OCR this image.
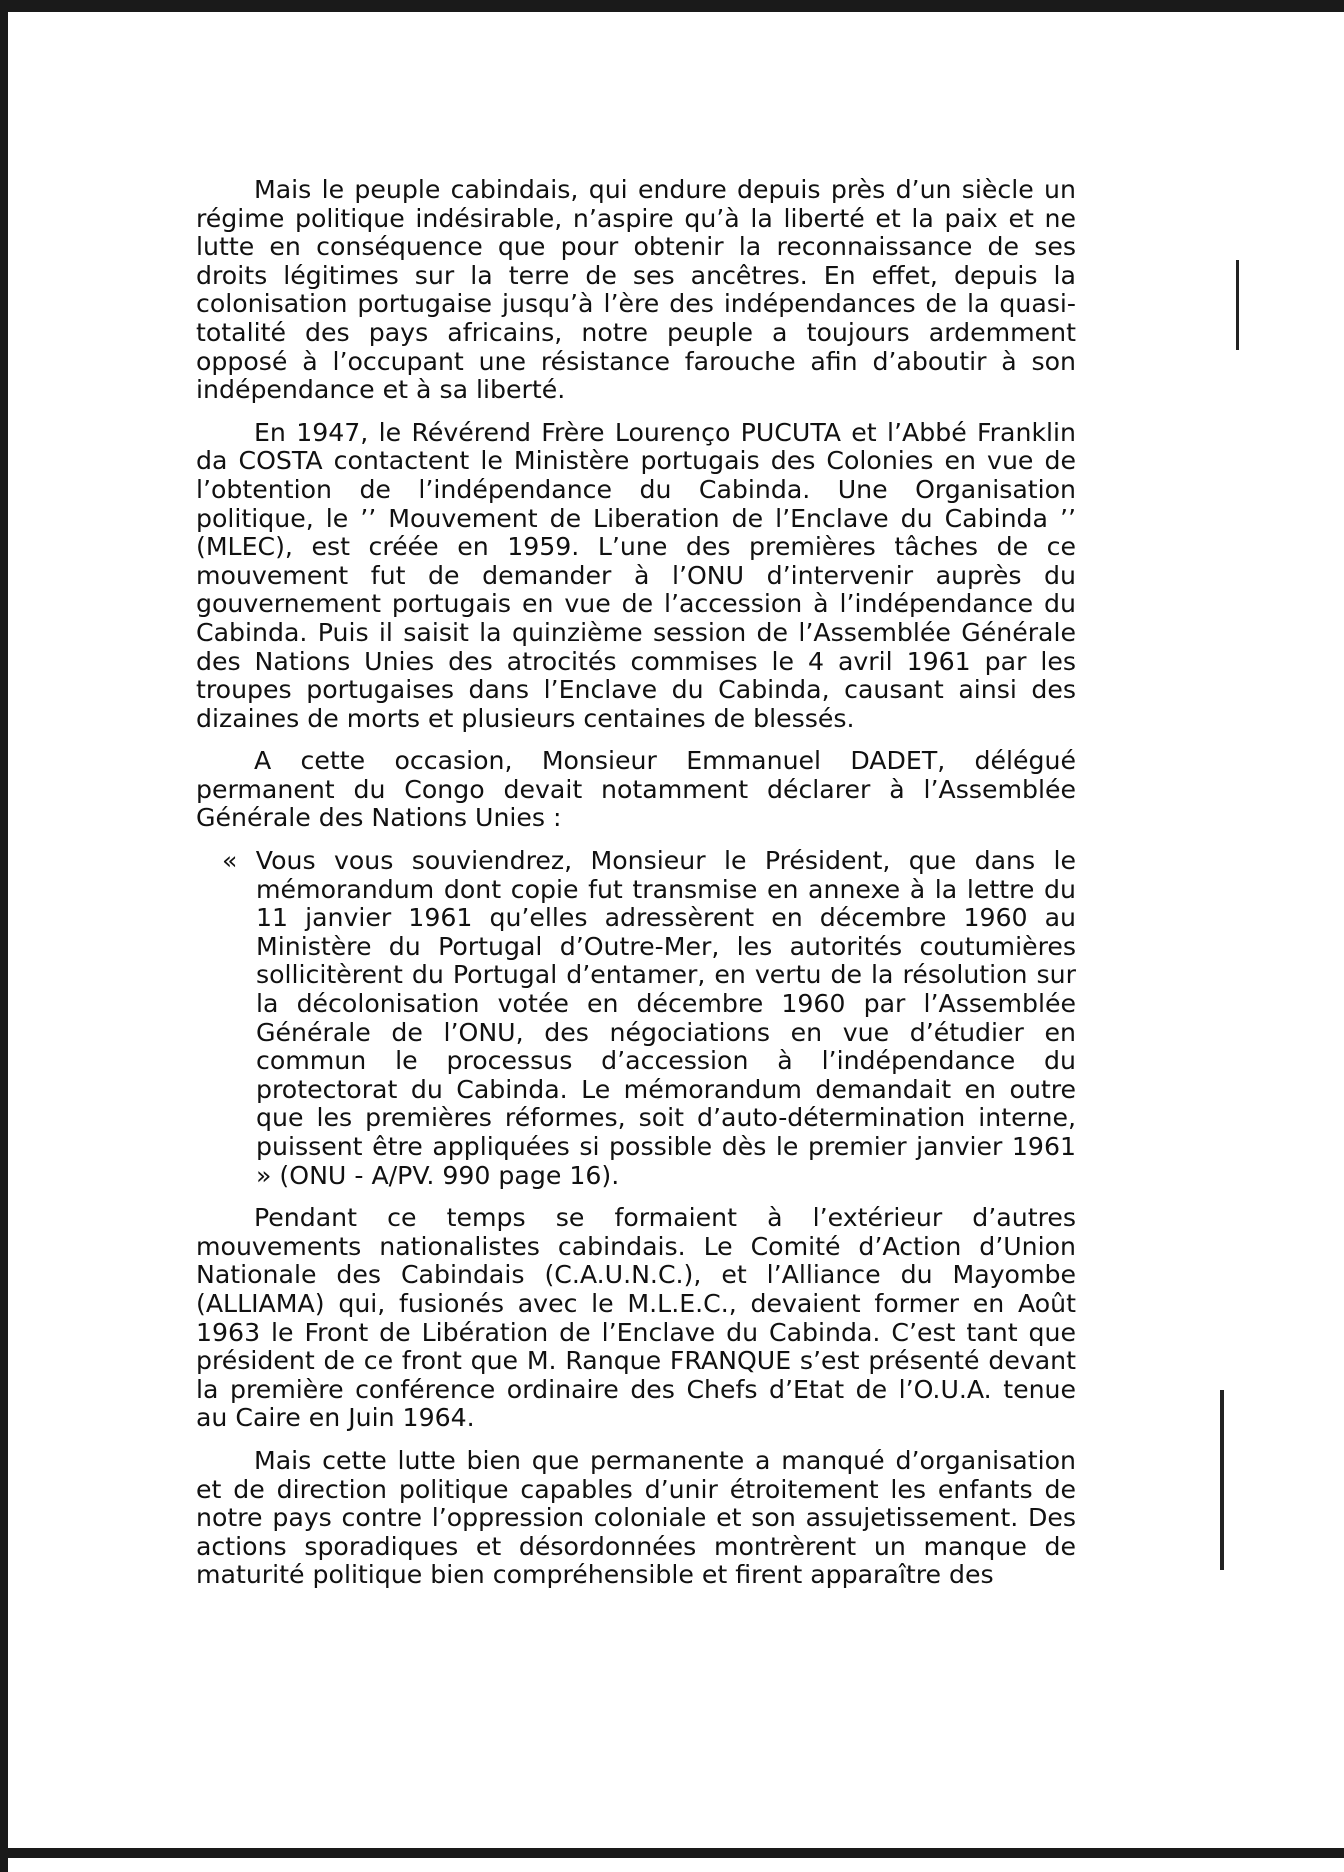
Mais le peuple cabindais, qui endure depuis près d’un siècle un régime politique indésirable, n’aspire qu’à la liberté et la paix et ne lutte en conséquence que pour obtenir la reconnaissance de ses droits légitimes sur la terre de ses ancêtres. En effet, depuis la colonisation portugaise jusqu’à l’ère des indépendances de la quasi-totalité des pays africains, notre peuple a toujours ardemment opposé à l’occupant une résistance farouche afin d’aboutir à son indépendance et à sa liberté.

En 1947, le Révérend Frère Lourenço PUCUTA et l’Abbé Franklin da COSTA contactent le Ministère portugais des Colonies en vue de l’obtention de l’indépendance du Cabinda. Une Organisation politique, le ’’ Mouvement de Liberation de l’Enclave du Cabinda ’’ (MLEC), est créée en 1959. L’une des premières tâches de ce mouvement fut de demander à l’ONU d’intervenir auprès du gouvernement portugais en vue de l’accession à l’indépendance du Cabinda. Puis il saisit la quinzième session de l’Assemblée Générale des Nations Unies des atrocités commises le 4 avril 1961 par les troupes portugaises dans l’Enclave du Cabinda, causant ainsi des dizaines de morts et plusieurs centaines de blessés.

A cette occasion, Monsieur Emmanuel DADET, délégué permanent du Congo devait notamment déclarer à l’Assemblée Générale des Nations Unies :

« Vous vous souviendrez, Monsieur le Président, que dans le mémorandum dont copie fut transmise en annexe à la lettre du 11 janvier 1961 qu’elles adressèrent en décembre 1960 au Ministère du Portugal d’Outre-Mer, les autorités coutumières sollicitèrent du Portugal d’entamer, en vertu de la résolution sur la décolonisation votée en décembre 1960 par l’Assemblée Générale de l’ONU, des négociations en vue d’étudier en commun le processus d’accession à l’indépendance du protectorat du Cabinda. Le mémorandum demandait en outre que les premières réformes, soit d’auto-détermination interne, puissent être appliquées si possible dès le premier janvier 1961 » (ONU - A/PV. 990 page 16).

Pendant ce temps se formaient à l’extérieur d’autres mouvements nationalistes cabindais. Le Comité d’Action d’Union Nationale des Cabindais (C.A.U.N.C.), et l’Alliance du Mayombe (ALLIAMA) qui, fusionés avec le M.L.E.C., devaient former en Août 1963 le Front de Libération de l’Enclave du Cabinda. C’est tant que président de ce front que M. Ranque FRANQUE s’est présenté devant la première conférence ordinaire des Chefs d’Etat de l’O.U.A. tenue au Caire en Juin 1964.

Mais cette lutte bien que permanente a manqué d’organisation et de direction politique capables d’unir étroitement les enfants de notre pays contre l’oppression coloniale et son assujetissement. Des actions sporadiques et désordonnées montrèrent un manque de maturité politique bien compréhensible et firent apparaître des
